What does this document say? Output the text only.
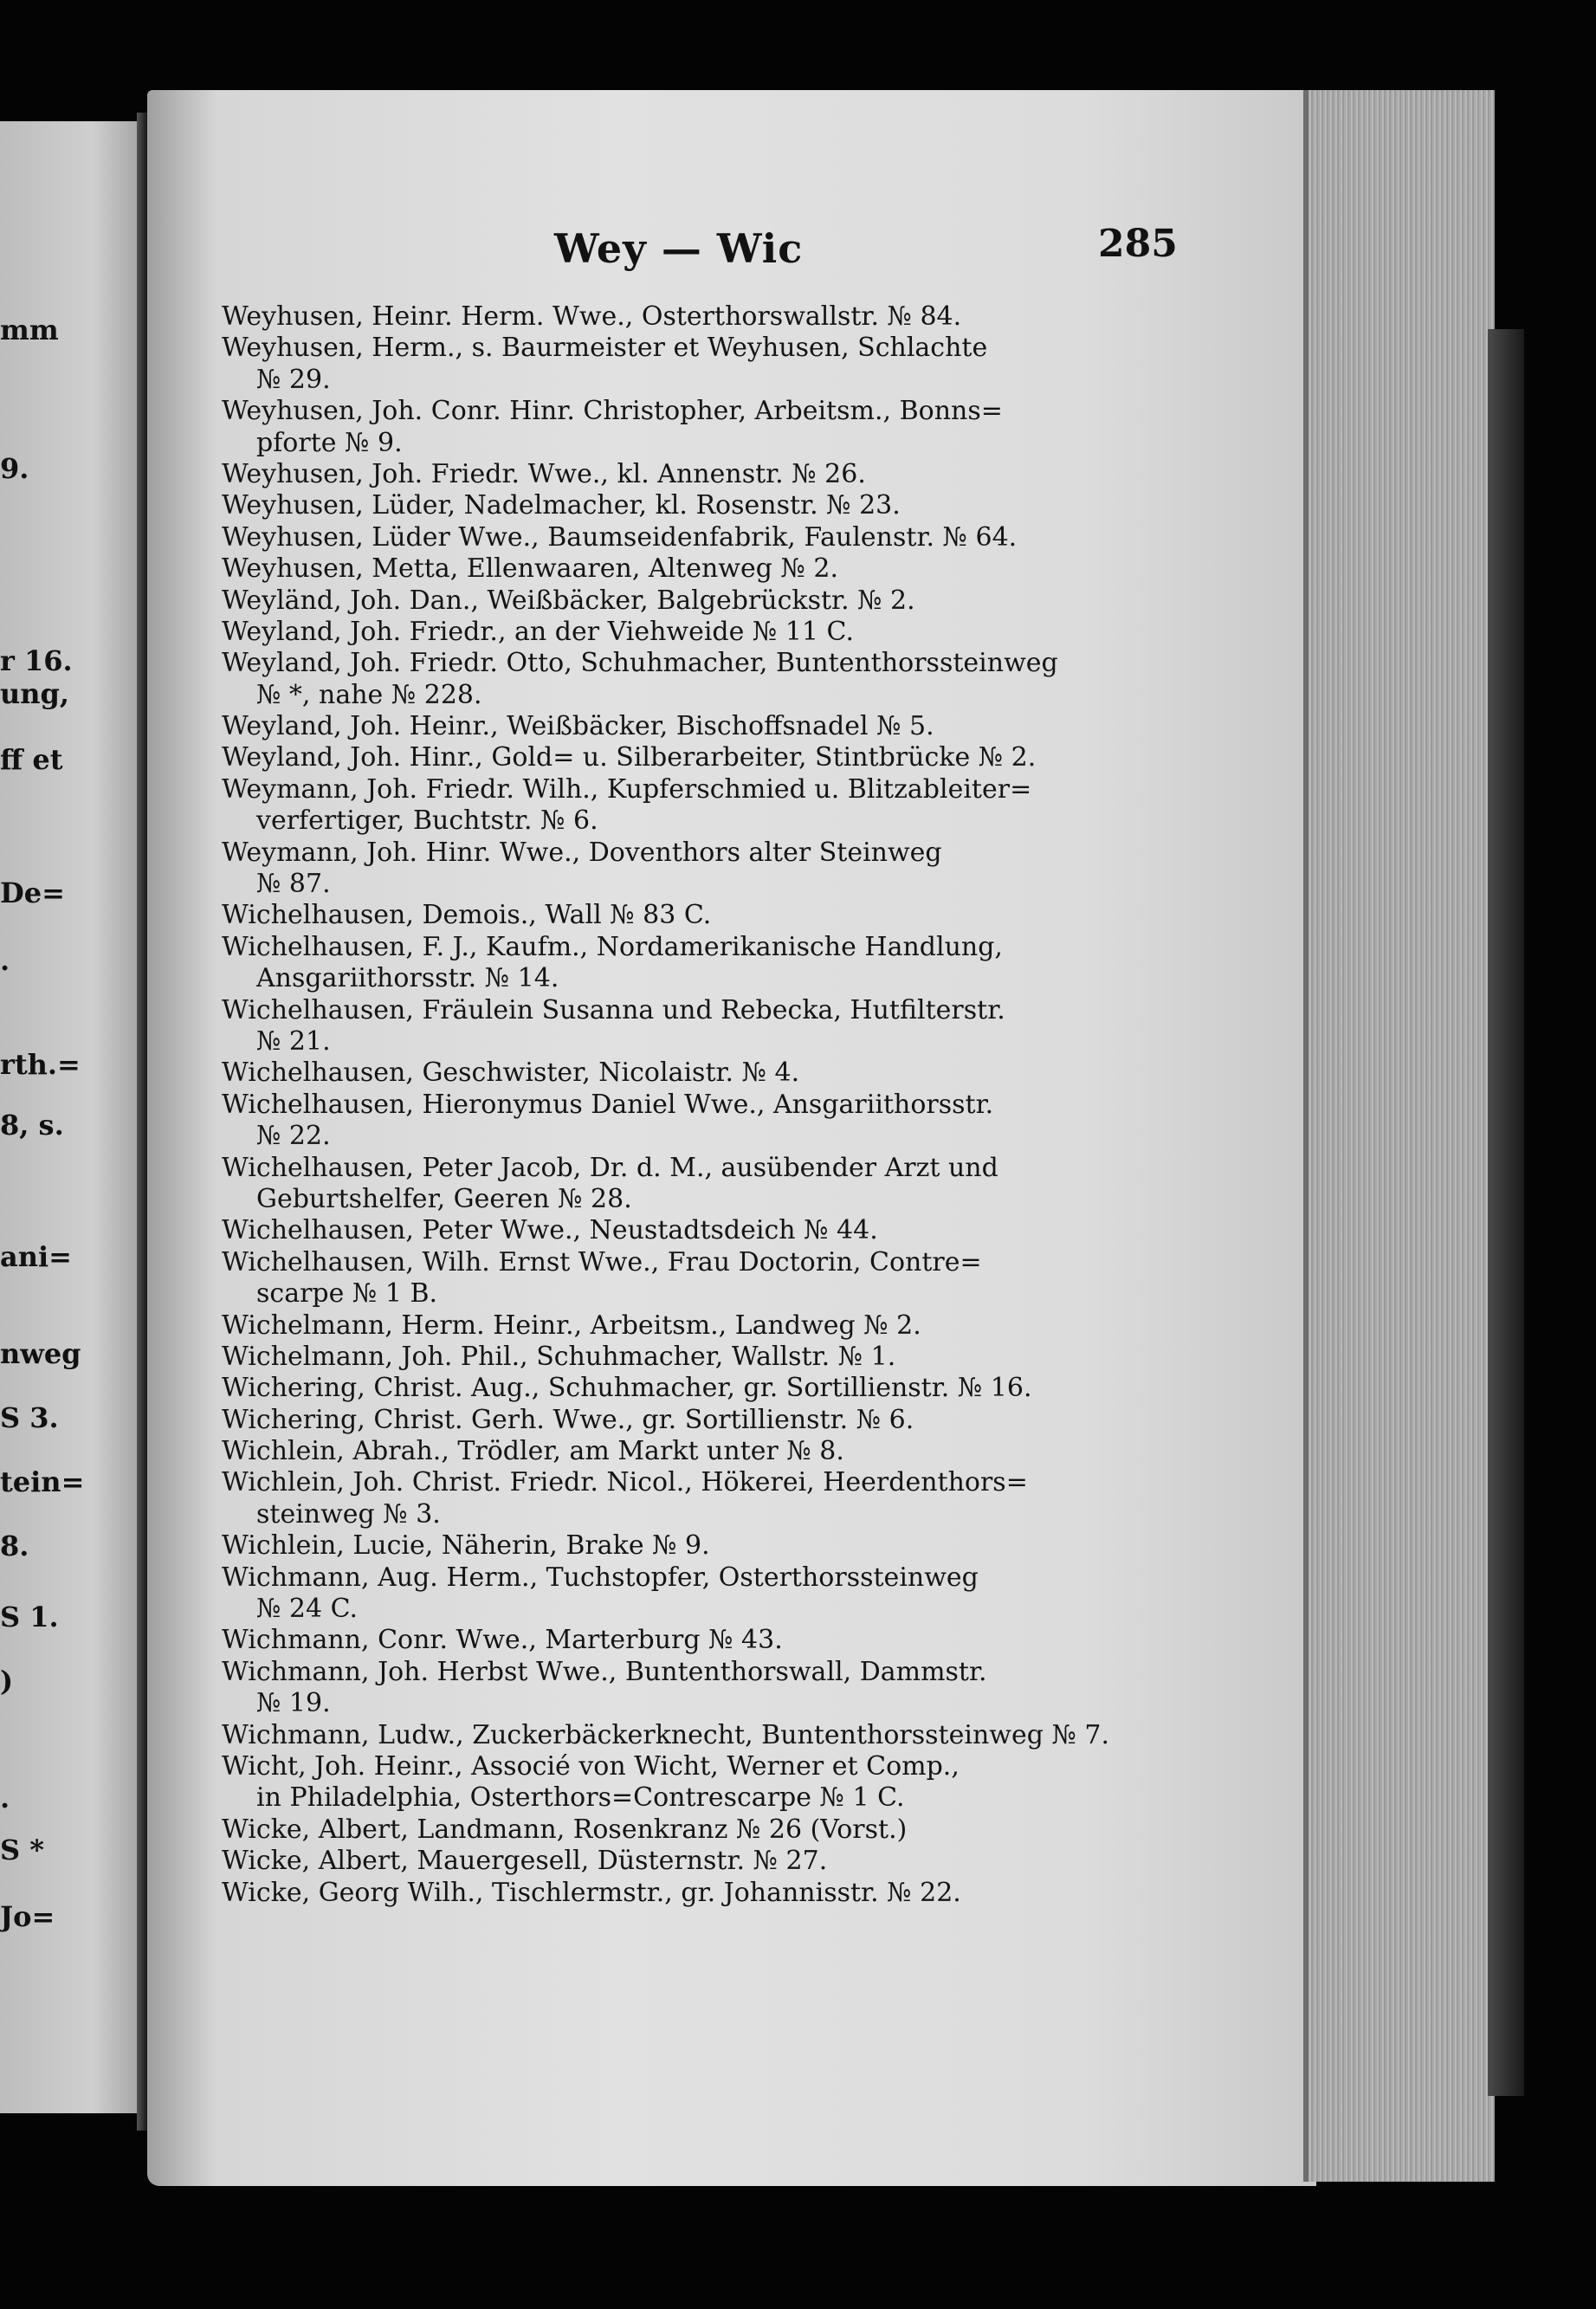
mm
9.
r 16.
ung,
ff et
De=
.
rth.=
8, s.
ani=
nweg
S 3.
tein=
8.
S 1.
)
.
S *
Jo=
Wey — Wic	285
Weyhusen, Heinr. Herm. Wwe., Osterthorswallstr. № 84.
Weyhusen, Herm., s. Baurmeister et Weyhusen, Schlachte
№ 29.
Weyhusen, Joh. Conr. Hinr. Christopher, Arbeitsm., Bonns=
pforte № 9.
Weyhusen, Joh. Friedr. Wwe., kl. Annenstr. № 26.
Weyhusen, Lüder, Nadelmacher, kl. Rosenstr. № 23.
Weyhusen, Lüder Wwe., Baumseidenfabrik, Faulenstr. № 64.
Weyhusen, Metta, Ellenwaaren, Altenweg № 2.
Weyländ, Joh. Dan., Weißbäcker, Balgebrückstr. № 2.
Weyland, Joh. Friedr., an der Viehweide № 11 C.
Weyland, Joh. Friedr. Otto, Schuhmacher, Buntenthorssteinweg
№ *, nahe № 228.
Weyland, Joh. Heinr., Weißbäcker, Bischoffsnadel № 5.
Weyland, Joh. Hinr., Gold= u. Silberarbeiter, Stintbrücke № 2.
Weymann, Joh. Friedr. Wilh., Kupferschmied u. Blitzableiter=
verfertiger, Buchtstr. № 6.
Weymann, Joh. Hinr. Wwe., Doventhors alter Steinweg
№ 87.
Wichelhausen, Demois., Wall № 83 C.
Wichelhausen, F. J., Kaufm., Nordamerikanische Handlung,
Ansgariithorsstr. № 14.
Wichelhausen, Fräulein Susanna und Rebecka, Hutfilterstr.
№ 21.
Wichelhausen, Geschwister, Nicolaistr. № 4.
Wichelhausen, Hieronymus Daniel Wwe., Ansgariithorsstr.
№ 22.
Wichelhausen, Peter Jacob, Dr. d. M., ausübender Arzt und
Geburtshelfer, Geeren № 28.
Wichelhausen, Peter Wwe., Neustadtsdeich № 44.
Wichelhausen, Wilh. Ernst Wwe., Frau Doctorin, Contre=
scarpe № 1 B.
Wichelmann, Herm. Heinr., Arbeitsm., Landweg № 2.
Wichelmann, Joh. Phil., Schuhmacher, Wallstr. № 1.
Wichering, Christ. Aug., Schuhmacher, gr. Sortillienstr. № 16.
Wichering, Christ. Gerh. Wwe., gr. Sortillienstr. № 6.
Wichlein, Abrah., Trödler, am Markt unter № 8.
Wichlein, Joh. Christ. Friedr. Nicol., Hökerei, Heerdenthors=
steinweg № 3.
Wichlein, Lucie, Näherin, Brake № 9.
Wichmann, Aug. Herm., Tuchstopfer, Osterthorssteinweg
№ 24 C.
Wichmann, Conr. Wwe., Marterburg № 43.
Wichmann, Joh. Herbst Wwe., Buntenthorswall, Dammstr.
№ 19.
Wichmann, Ludw., Zuckerbäckerknecht, Buntenthorssteinweg № 7.
Wicht, Joh. Heinr., Associé von Wicht, Werner et Comp.,
in Philadelphia, Osterthors=Contrescarpe № 1 C.
Wicke, Albert, Landmann, Rosenkranz № 26 (Vorst.)
Wicke, Albert, Mauergesell, Düsternstr. № 27.
Wicke, Georg Wilh., Tischlermstr., gr. Johannisstr. № 22.
